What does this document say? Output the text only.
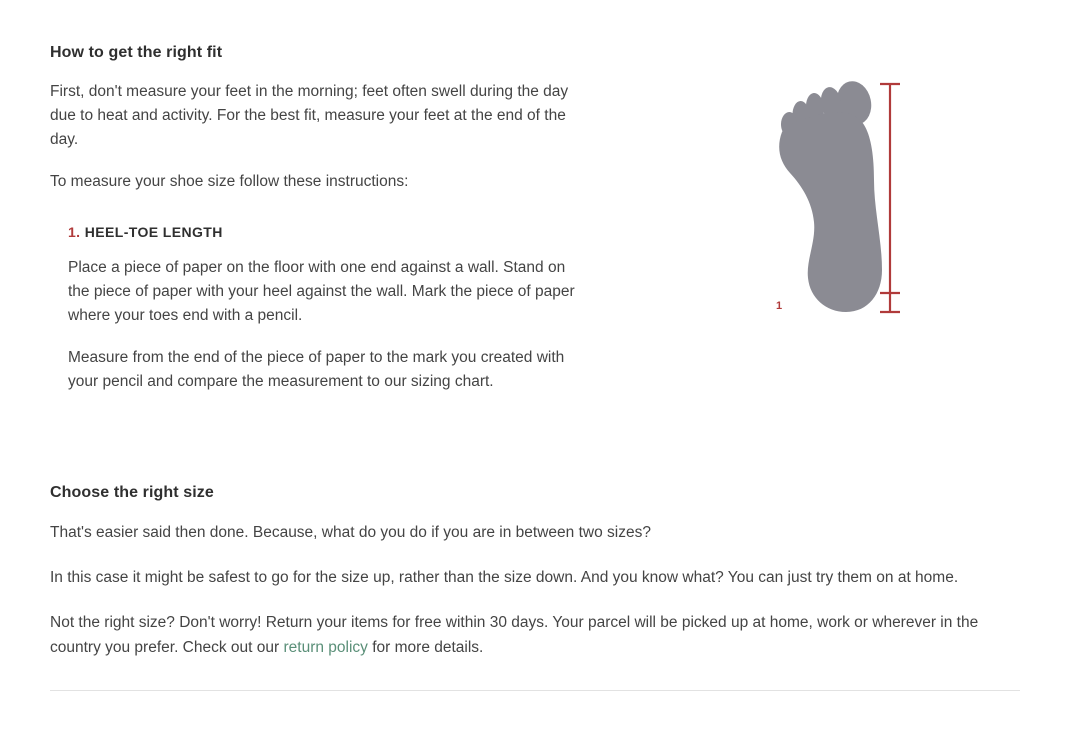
How to get the right fit

First, don't measure your feet in the morning; feet often swell during the day due to heat and activity. For the best fit, measure your feet at the end of the day.

To measure your shoe size follow these instructions:

1. HEEL-TOE LENGTH

Place a piece of paper on the floor with one end against a wall. Stand on the piece of paper with your heel against the wall. Mark the piece of paper where your toes end with a pencil.

Measure from the end of the piece of paper to the mark you created with your pencil and compare the measurement to our sizing chart.

1
Choose the right size

That's easier said then done. Because, what do you do if you are in between two sizes?

In this case it might be safest to go for the size up, rather than the size down. And you know what? You can just try them on at home.

Not the right size? Don't worry! Return your items for free within 30 days. Your parcel will be picked up at home, work or wherever in the country you prefer. Check out our return policy for more details.
